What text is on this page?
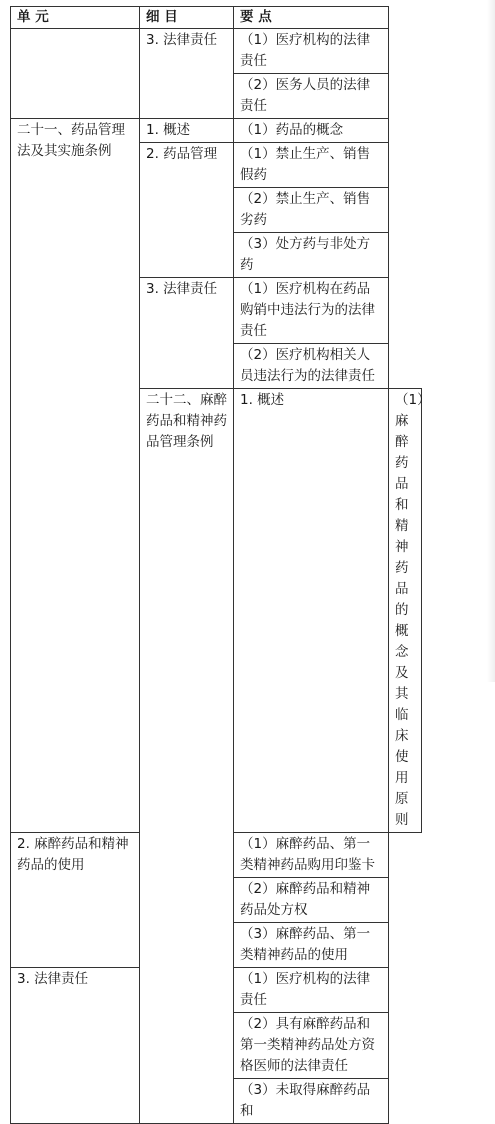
单 元	细 目	要 点	
	3. 法律责任	（1）医疗机构的法律责任	
		（2）医务人员的法律责任	
二十一、药品管理法及其实施条例	1. 概述	（1）药品的概念	
	2. 药品管理	（1）禁止生产、销售假药	
		（2）禁止生产、销售劣药	
		（3）处方药与非处方药	
	3. 法律责任	（1）医疗机构在药品购销中违法行为的法律责任	
		（2）医疗机构相关人员违法行为的法律责任	
	二十二、麻醉药品和精神药品管理条例	1. 概述	（1）麻醉药品和精神药品的概念及其临床使用原则
2. 麻醉药品和精神药品的使用		（1）麻醉药品、第一类精神药品购用印鉴卡	
		（2）麻醉药品和精神药品处方权	
		（3）麻醉药品、第一类精神药品的使用	
3. 法律责任		（1）医疗机构的法律责任	
		（2）具有麻醉药品和第一类精神药品处方资格医师的法律责任	
		（3）未取得麻醉药品和	
